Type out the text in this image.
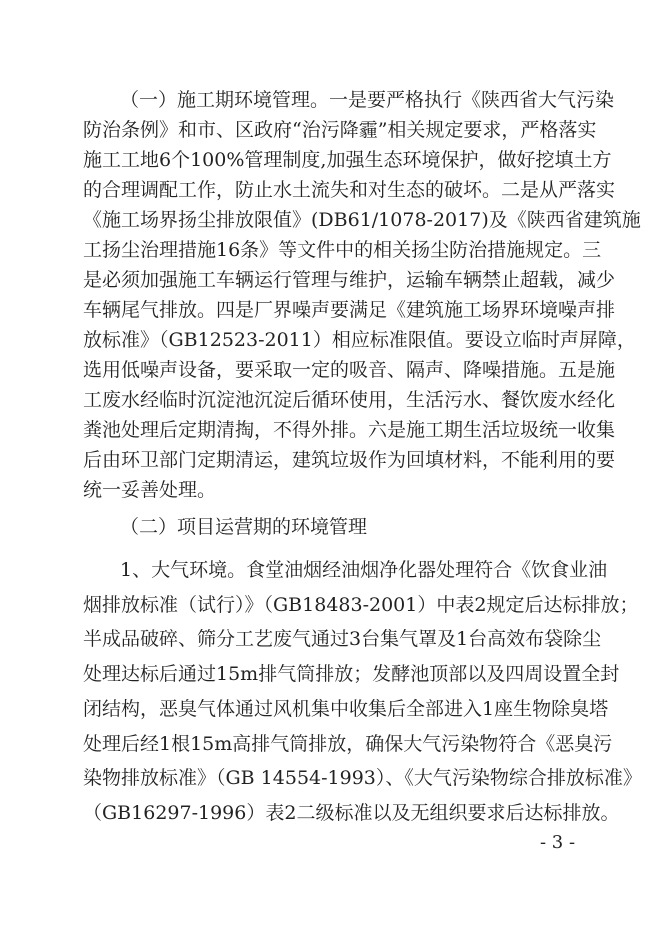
（一）施工期环境管理。一是要严格执行《陕西省大气污染
防治条例》和市、区政府“治污降霾”相关规定要求，严格落实
施工工地6个100%管理制度,加强生态环境保护，做好挖填土方
的合理调配工作，防止水土流失和对生态的破坏。二是从严落实
《施工场界扬尘排放限值》(DB61/1078-2017)及《陕西省建筑施
工扬尘治理措施16条》等文件中的相关扬尘防治措施规定。三
是必须加强施工车辆运行管理与维护，运输车辆禁止超载，减少
车辆尾气排放。四是厂界噪声要满足《建筑施工场界环境噪声排
放标准》（GB12523-2011）相应标准限值。要设立临时声屏障，
选用低噪声设备，要采取一定的吸音、隔声、降噪措施。五是施
工废水经临时沉淀池沉淀后循环使用，生活污水、餐饮废水经化
粪池处理后定期清掏，不得外排。六是施工期生活垃圾统一收集
后由环卫部门定期清运，建筑垃圾作为回填材料，不能利用的要
统一妥善处理。
（二）项目运营期的环境管理
1、大气环境。食堂油烟经油烟净化器处理符合《饮食业油
烟排放标准（试行）》（GB18483-2001）中表2规定后达标排放；
半成品破碎、筛分工艺废气通过3台集气罩及1台高效布袋除尘
处理达标后通过15m排气筒排放；发酵池顶部以及四周设置全封
闭结构，恶臭气体通过风机集中收集后全部进入1座生物除臭塔
处理后经1根15m高排气筒排放，确保大气污染物符合《恶臭污
染物排放标准》（GB 14554-1993）、《大气污染物综合排放标准》
（GB16297-1996）表2二级标准以及无组织要求后达标排放。
- 3 -
